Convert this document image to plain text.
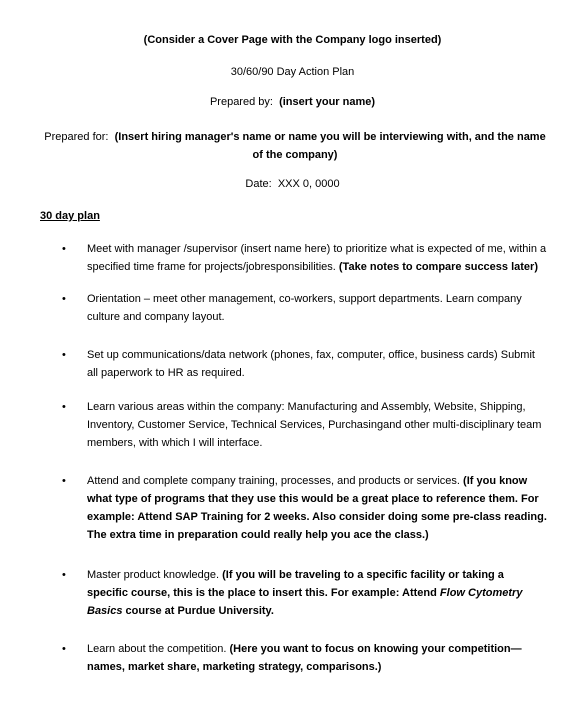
(Consider a Cover Page with the Company logo inserted)
30/60/90 Day Action Plan
Prepared by: (insert your name)
Prepared for: (Insert hiring manager's name or name you will be interviewing with, and the name of the company)
Date: XXX 0, 0000
30 day plan
• Meet with manager /supervisor (insert name here) to prioritize what is expected of me, within a specified time frame for projects/jobresponsibilities. (Take notes to compare success later)
• Orientation – meet other management, co-workers, support departments. Learn company culture and company layout.
• Set up communications/data network (phones, fax, computer, office, business cards) Submit all paperwork to HR as required.
• Learn various areas within the company: Manufacturing and Assembly, Website, Shipping, Inventory, Customer Service, Technical Services, Purchasingand other multi-disciplinary team members, with which I will interface.
• Attend and complete company training, processes, and products or services. (If you know what type of programs that they use this would be a great place to reference them. For example: Attend SAP Training for 2 weeks. Also consider doing some pre-class reading. The extra time in preparation could really help you ace the class.)
• Master product knowledge. (If you will be traveling to a specific facility or taking a specific course, this is the place to insert this. For example: Attend Flow Cytometry Basics course at Purdue University.
• Learn about the competition. (Here you want to focus on knowing your competition— names, market share, marketing strategy, comparisons.)
